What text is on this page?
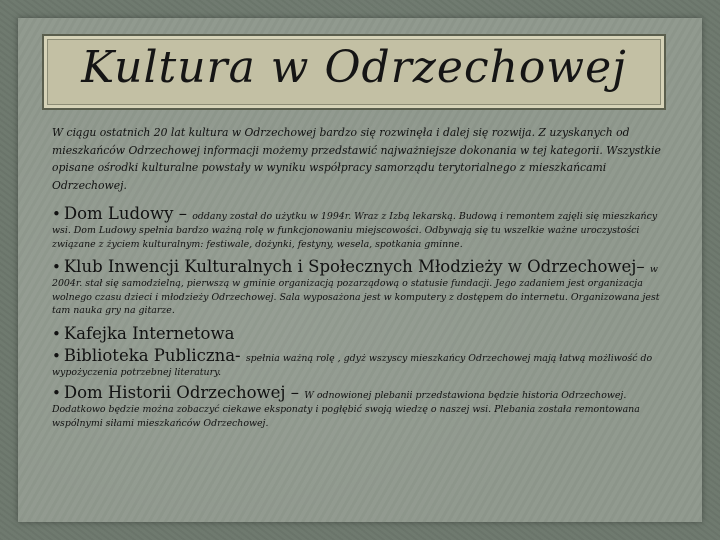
Kultura w Odrzechowej

W ciągu ostatnich 20 lat kultura w Odrzechowej bardzo się rozwinęła i dalej się rozwija. Z uzyskanych od mieszkańców Odrzechowej informacji możemy przedstawić najważniejsze dokonania w tej kategorii. Wszystkie opisane ośrodki kulturalne powstały w wyniku współpracy samorządu terytorialnego z mieszkańcami Odrzechowej.

• Dom Ludowy – oddany został do użytku w 1994r. Wraz z Izbą lekarską. Budową i remontem zajęli się mieszkańcy wsi. Dom Ludowy spełnia bardzo ważną rolę w funkcjonowaniu miejscowości. Odbywają się tu wszelkie ważne uroczystości związane z życiem kulturalnym: festiwale, dożynki, festyny, wesela, spotkania gminne.
• Klub Inwencji Kulturalnych i Społecznych Młodzieży w Odrzechowej– w 2004r. stał się samodzielną, pierwszą w gminie organizacją pozarządową o statusie fundacji. Jego zadaniem jest organizacja wolnego czasu dzieci i młodzieży Odrzechowej. Sala wyposażona jest w komputery z dostępem do internetu. Organizowana jest tam nauka gry na gitarze.
• Kafejka Internetowa
• Biblioteka Publiczna- spełnia ważną rolę , gdyż wszyscy mieszkańcy Odrzechowej mają łatwą możliwość do wypożyczenia potrzebnej literatury.
• Dom Historii Odrzechowej – W odnowionej plebanii przedstawiona będzie historia Odrzechowej. Dodatkowo będzie można zobaczyć ciekawe eksponaty i pogłębić swoją wiedzę o naszej wsi. Plebania została remontowana wspólnymi siłami mieszkańców Odrzechowej.
